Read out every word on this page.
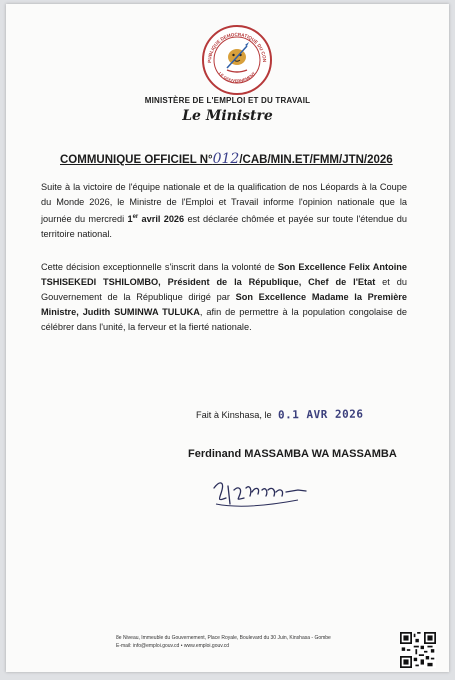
PUBLIQUE DEMOCRATIQUE DU CON
LE GOUVERNEMENT
MINISTÈRE DE L'EMPLOI ET DU TRAVAIL
Le Ministre
COMMUNIQUE OFFICIEL N°012/CAB/MIN.ET/FMM/JTN/2026

Suite à la victoire de l'équipe nationale et de la qualification de nos Léopards à la Coupe du Monde 2026, le Ministre de l'Emploi et Travail informe l'opinion nationale que la journée du mercredi 1er avril 2026 est déclarée chômée et payée sur toute l'étendue du territoire national.

Cette décision exceptionnelle s'inscrit dans la volonté de Son Excellence Felix Antoine TSHISEKEDI TSHILOMBO, Président de la République, Chef de l'Etat et du Gouvernement de la République dirigé par Son Excellence Madame la Première Ministre, Judith SUMINWA TULUKA, afin de permettre à la population congolaise de célébrer dans l'unité, la ferveur et la fierté nationale.

Fait à Kinshasa, le 0.1 AVR 2026
Ferdinand MASSAMBA WA MASSAMBA
8e Niveau, Immeuble du Gouvernement, Place Royale, Boulevard du 30 Juin, Kinshasa - Gombe
E-mail: info@emploi.gouv.cd • www.emploi.gouv.cd
